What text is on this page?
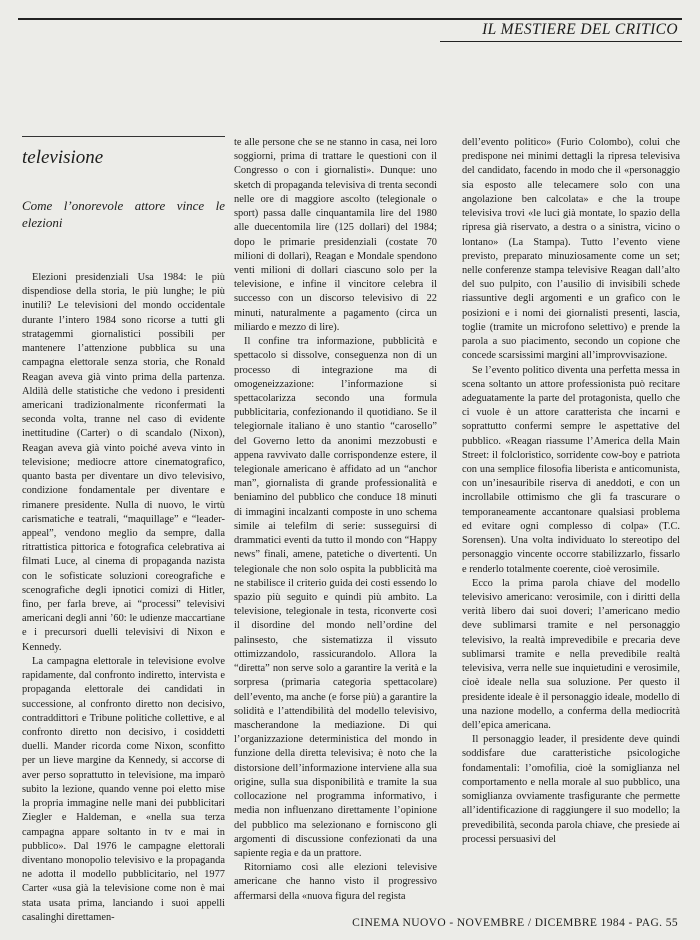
IL MESTIERE DEL CRITICO
televisione
Come l’onorevole attore vince le elezioni

Elezioni presidenziali Usa 1984: le più dispendiose della storia, le più lunghe; le più inutili? Le televisioni del mondo occidentale durante l’intero 1984 sono ricorse a tutti gli stratagemmi giornalistici possibili per mantenere l’attenzione pubblica su una campagna elettorale senza storia, che Ronald Reagan aveva già vinto prima della partenza. Aldilà delle statistiche che vedono i presidenti americani tradizionalmente riconfermati la seconda volta, tranne nel caso di evidente inettitudine (Carter) o di scandalo (Nixon), Reagan aveva già vinto poiché aveva vinto in televisione; mediocre attore cinematografico, quanto basta per diventare un divo televisivo, condizione fondamentale per diventare e rimanere presidente. Nulla di nuovo, le virtù carismatiche e teatrali, “maquillage” e “leader-appeal”, vendono meglio da sempre, dalla ritrattistica pittorica e fotografica celebrativa ai filmati Luce, al cinema di propaganda nazista con le sofisticate soluzioni coreografiche e scenografiche degli ipnotici comizi di Hitler, fino, per farla breve, ai “processi” televisivi americani degli anni ’60: le udienze maccartiane e i precursori duelli televisivi di Nixon e Kennedy.

La campagna elettorale in televisione evolve rapidamente, dal confronto indiretto, intervista e propaganda elettorale dei candidati in successione, al confronto diretto non decisivo, contraddittori e Tribune politiche collettive, e al confronto diretto non decisivo, i cosiddetti duelli. Mander ricorda come Nixon, sconfitto per un lieve margine da Kennedy, si accorse di aver perso soprattutto in televisione, ma imparò subito la lezione, quando venne poi eletto mise la propria immagine nelle mani dei pubblicitari Ziegler e Haldeman, e «nella sua terza campagna appare soltanto in tv e mai in pubblico». Dal 1976 le campagne elettorali diventano monopolio televisivo e la propaganda ne adotta il modello pubblicitario, nel 1977 Carter «usa già la televisione come non è mai stata usata prima, lanciando i suoi appelli casalinghi direttamen-

te alle persone che se ne stanno in casa, nei loro soggiorni, prima di trattare le questioni con il Congresso o con i giornalisti». Dunque: uno sketch di propaganda televisiva di trenta secondi nelle ore di maggiore ascolto (telegionale o sport) passa dalle cinquantamila lire del 1980 alle duecentomila lire (125 dollari) del 1984; dopo le primarie presidenziali (costate 70 milioni di dollari), Reagan e Mondale spendono venti milioni di dollari ciascuno solo per la televisione, e infine il vincitore celebra il successo con un discorso televisivo di 22 minuti, naturalmente a pagamento (circa un miliardo e mezzo di lire).

Il confine tra informazione, pubblicità e spettacolo si dissolve, conseguenza non di un processo di integrazione ma di omogeneizzazione: l’informazione si spettacolarizza secondo una formula pubblicitaria, confezionando il quotidiano. Se il telegiornale italiano è uno stantìo “carosello” del Governo letto da anonimi mezzobusti e appena ravvivato dalle corrispondenze estere, il telegionale americano è affidato ad un “anchor man”, giornalista di grande professionalità e beniamino del pubblico che conduce 18 minuti di immagini incalzanti composte in uno schema simile ai telefilm di serie: susseguirsi di drammatici eventi da tutto il mondo con “Happy news” finali, amene, patetiche o divertenti. Un telegionale che non solo ospita la pubblicità ma ne stabilisce il criterio guida dei costi essendo lo spazio più seguito e quindi più ambito. La televisione, telegionale in testa, riconverte così il disordine del mondo nell’ordine del palinsesto, che sistematizza il vissuto ottimizzandolo, rassicurandolo. Allora la “diretta” non serve solo a garantire la verità e la sorpresa (primaria categoria spettacolare) dell’evento, ma anche (e forse più) a garantire la solidità e l’attendibilità del modello televisivo, mascherandone la mediazione. Di qui l’organizzazione deterministica del mondo in funzione della diretta televisiva; è noto che la distorsione dell’informazione interviene alla sua origine, sulla sua disponibilità e tramite la sua collocazione nel programma informativo, i media non influenzano direttamente l’opinione del pubblico ma selezionano e forniscono gli argomenti di discussione confezionati da una sapiente regia e da un prattore.

Ritorniamo così alle elezioni televisive americane che hanno visto il progressivo affermarsi della «nuova figura del regista

dell’evento politico» (Furio Colombo), colui che predispone nei minimi dettagli la ripresa televisiva del candidato, facendo in modo che il «personaggio sia esposto alle telecamere solo con una angolazione ben calcolata» e che la troupe televisiva trovi «le luci già montate, lo spazio della ripresa già riservato, a destra o a sinistra, vicino o lontano» (La Stampa). Tutto l’evento viene previsto, preparato minuziosamente come un set; nelle conferenze stampa televisive Reagan dall’alto del suo pulpito, con l’ausilio di invisibili schede riassuntive degli argomenti e un grafico con le posizioni e i nomi dei giornalisti presenti, lascia, toglie (tramite un microfono selettivo) e prende la parola a suo piacimento, secondo un copione che concede scarsissimi margini all’improvvisazione.

Se l’evento politico diventa una perfetta messa in scena soltanto un attore professionista può recitare adeguatamente la parte del protagonista, quello che ci vuole è un attore caratterista che incarni e soprattutto confermi sempre le aspettative del pubblico. «Reagan riassume l’America della Main Street: il folcloristico, sorridente cow-boy e patriota con una semplice filosofia liberista e anticomunista, con un’inesauribile riserva di aneddoti, e con un incrollabile ottimismo che gli fa trascurare o temporaneamente accantonare qualsiasi problema ed evitare ogni complesso di colpa» (T.C. Sorensen). Una volta individuato lo stereotipo del personaggio vincente occorre stabilizzarlo, fissarlo e renderlo totalmente coerente, cioè verosimile.

Ecco la prima parola chiave del modello televisivo americano: verosimile, con i diritti della verità libero dai suoi doveri; l’americano medio deve sublimarsi tramite e nel personaggio televisivo, la realtà imprevedibile e precaria deve sublimarsi tramite e nella prevedibile realtà televisiva, verra nelle sue inquietudini e verosimile, cioè ideale nella sua soluzione. Per questo il presidente ideale è il personaggio ideale, modello di una nazione modello, a conferma della mediocrità dell’epica americana.

Il personaggio leader, il presidente deve quindi soddisfare due caratteristiche psicologiche fondamentali: l’omofilia, cioè la somiglianza nel comportamento e nella morale al suo pubblico, una somiglianza ovviamente trasfigurante che permette all’identificazione di raggiungere il suo modello; la prevedibilità, seconda parola chiave, che presiede ai processi persuasivi del

CINEMA NUOVO - NOVEMBRE / DICEMBRE 1984 - PAG. 55
